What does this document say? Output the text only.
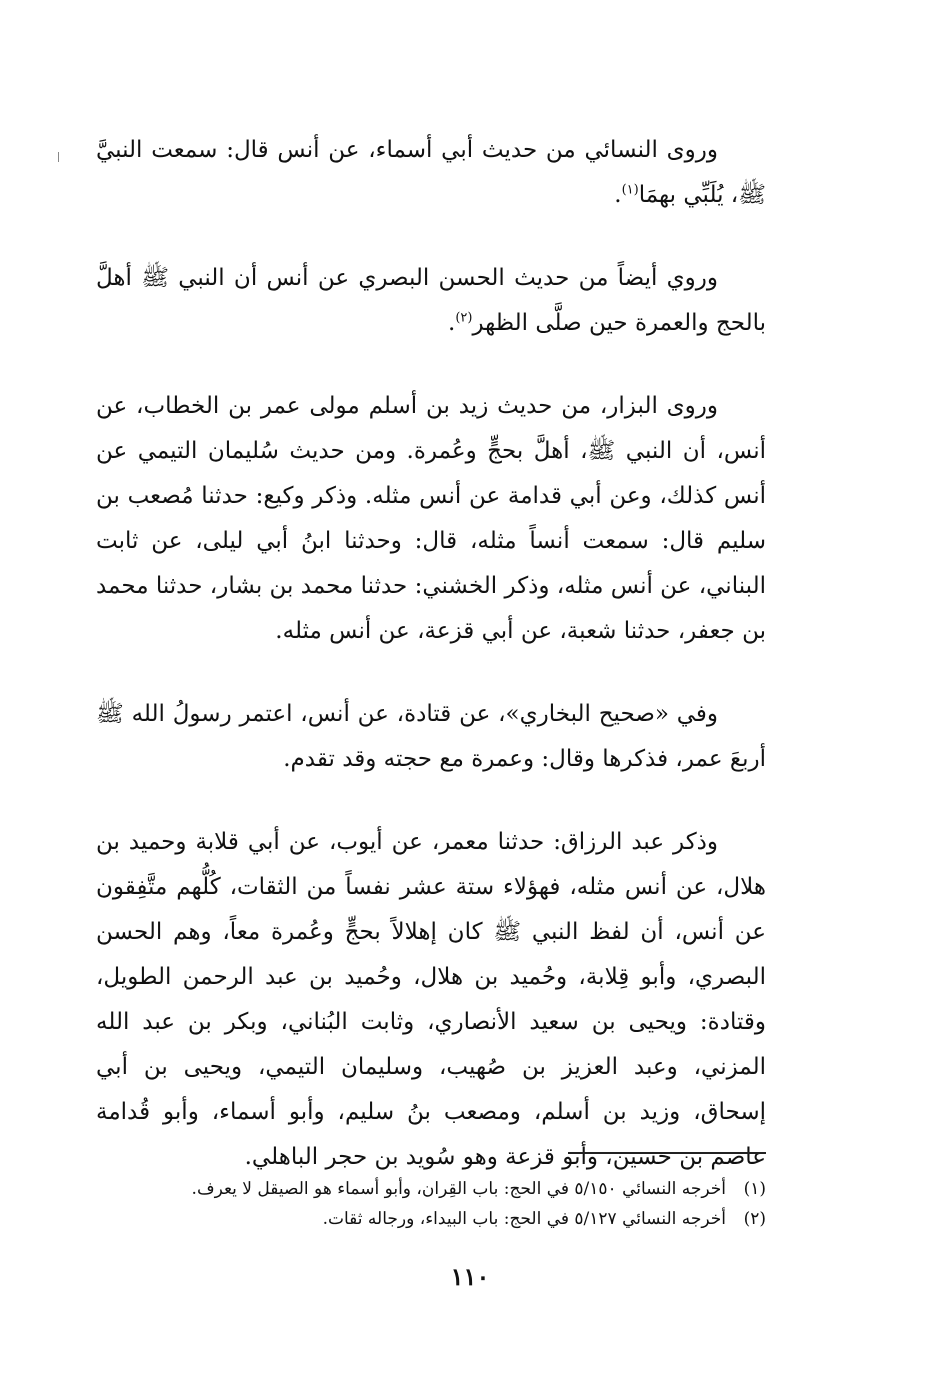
وروى النسائي من حديث أبي أسماء، عن أنس قال: سمعت النبيَّ ﷺ، يُلَبِّي بهمَا$^{(١)}$.

وروي أيضاً من حديث الحسن البصري عن أنس أن النبي ﷺ أهلَّ بالحج والعمرة حين صلَّى الظهر$^{(٢)}$.

وروى البزار، من حديث زيد بن أسلم مولى عمر بن الخطاب، عن أنس، أن النبي ﷺ، أهلَّ بحجٍّ وعُمرة. ومن حديث سُليمان التيمي عن أنس كذلك، وعن أبي قدامة عن أنس مثله. وذكر وكيع: حدثنا مُصعب بن سليم قال: سمعت أنساً مثله، قال: وحدثنا ابنُ أبي ليلى، عن ثابت البناني، عن أنس مثله، وذكر الخشني: حدثنا محمد بن بشار، حدثنا محمد بن جعفر، حدثنا شعبة، عن أبي قزعة، عن أنس مثله.

وفي «صحيح البخاري»، عن قتادة، عن أنس، اعتمر رسولُ الله ﷺ أربعَ عمر، فذكرها وقال: وعمرة مع حجته وقد تقدم.

وذكر عبد الرزاق: حدثنا معمر، عن أيوب، عن أبي قلابة وحميد بن هلال، عن أنس مثله، فهؤلاء ستة عشر نفساً من الثقات، كُلُّهم متَّفِقون عن أنس، أن لفظ النبي ﷺ كان إهلالاً بحجٍّ وعُمرة معاً، وهم الحسن البصري، وأبو قِلابة، وحُميد بن هلال، وحُميد بن عبد الرحمن الطويل، وقتادة: ويحيى بن سعيد الأنصاري، وثابت البُناني، وبكر بن عبد الله المزني، وعبد العزيز بن صُهيب، وسليمان التيمي، ويحيى بن أبي إسحاق، وزيد بن أسلم، ومصعب بنُ سليم، وأبو أسماء، وأبو قُدامة عاصم بن حسين، وأبو قزعة وهو سُويد بن حجر الباهلي.

(١)أخرجه النسائي ٥/١٥٠ في الحج: باب القِران، وأبو أسماء هو الصيقل لا يعرف.
(٢)أخرجه النسائي ٥/١٢٧ في الحج: باب البيداء، ورجاله ثقات.
١١٠
